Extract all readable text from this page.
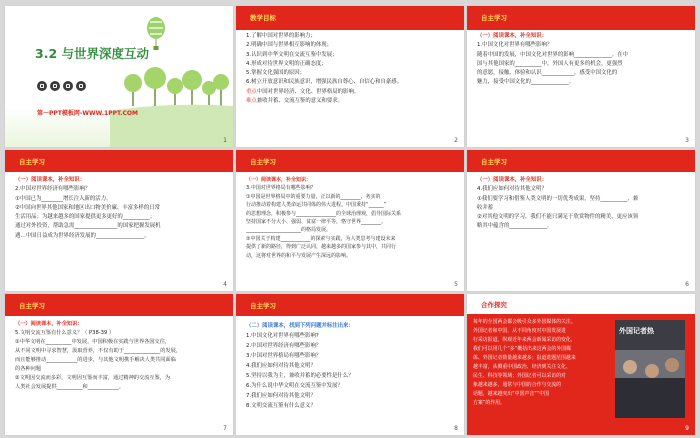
3.2 与世界深度互动
第一PPT模板网-WWW.1PPT.COM
1
教学目标

1.了解中国对世界的影响力；

2.明确中国与世界相互影响的体现；

3.认识到中华文明在交流互鉴中发展；

4.形成对待世界文明的正确态度；

5.掌握文化强国的原因；

6.树立开放意识和民族意识，增强民族自尊心、自信心和自豪感。

重点中国对世界经济、文化、世界格局的影响。

难点兼收并蓄、交流互鉴的意义和要求。

2
自主学习

（一）阅读课本，补全知识：

1.中国文化对世界有哪些影响？

随着中国的发展，中国文化对世界的影响______________。在中

国与其他国家的__________中，外国人有更多的机会，更强烈

的意愿，接触、体验和认识____________，感受中国文化的

魅力，接受中国文化的______________。

3
自主学习

（一）阅读课本，补全知识：

2.中国对世界经济有哪些影响？

①中国已为________增长注入新的活力。

②中国向世界其他国家和地区出口物美价廉、丰富多样的日常

生活用品；为越来越多的国家提供更多更好的__________；

通过对外投资，帮助急需________________的国家把握发展机

遇…中国日益成为世界经济发展的__________________。

4
自主学习

（一）阅读课本，补全知识：

3.中国对世界格局有哪些影响？

①中国是世界格局中的重要力量，正以新的________，务实的

行动推动着构建人类命运共同体的伟大进程。中国秉持“______”

的思想理念，积极参与________________的全球治理观，倡导国际关系

坚持国家不分大小、强弱、贫富一律平等，恪守世界________。

______________________的格局发展。

②中国关于构建____________的探索与实践，为人类思考与建设未来

提供了新的路径，得到广泛认同，越来越多的国家参与其中，共同行

动，这将对世界的和平与发展产生深远的影响。

5
自主学习

（一）阅读课本，补全知识：

4.我们应如何对待其他文明？

①我们要学习和借鉴人类文明的一切优秀成果，坚持__________，兼

收并蓄

②对其他文明的学习，我们不能只满足于欣赏物件的精美，更应该领

略其中蕴含的______________。

6
自主学习

（一）阅读课本，补全知识：

5.文明交流互鉴有什么意义？（ P38-39 ）

①中华文明在__________中发展，中国积极在实践与世界各国交往，

从不同文明中寻求智慧，汲取营养，不仅有助于______________的发展，

而且能够推动____________的进步，与其他文明携手解决人类共同面临

的各种问题

②文明因交流而多彩，文明因互鉴而丰富，通过精神的交流互鉴，为

人类社会发展提供__________和____________。

7
自主学习

（二）阅读课本，找到下列问题并标注出来：

1.中国文化对世界有哪些影响?

2.中国对世界经济有哪些影响？

3.中国对世界格局有哪些影响？

4.我们应如何对待其他文明？

5.坚持以我为主，兼收并蓄的必要性是什么？

6.为什么说中华文明在交流互鉴中发展？

7.我们应如何对待其他文明？

8.文明交流互鉴有什么意义？

8
合作探究

每年的全国两会都会吸引众多外国媒体的关注。

外国记者和中国，从不同角度对中国发展进

行采访报道。纵观近年来两会新闻采访的变化，

我们可以用几个“多”概括出来这两会的外国媒

体、外国记者数量越来越多；报道选题范围越来

越丰富，从侧重中国政治、经济到关注文化、

民生、科技等领域；外国记者可以采访的对

象越来越多，通常与中国的合作与交流的

话题，越来越突出“中国声音”“中国

方案”的作用。

外国记者热
9
